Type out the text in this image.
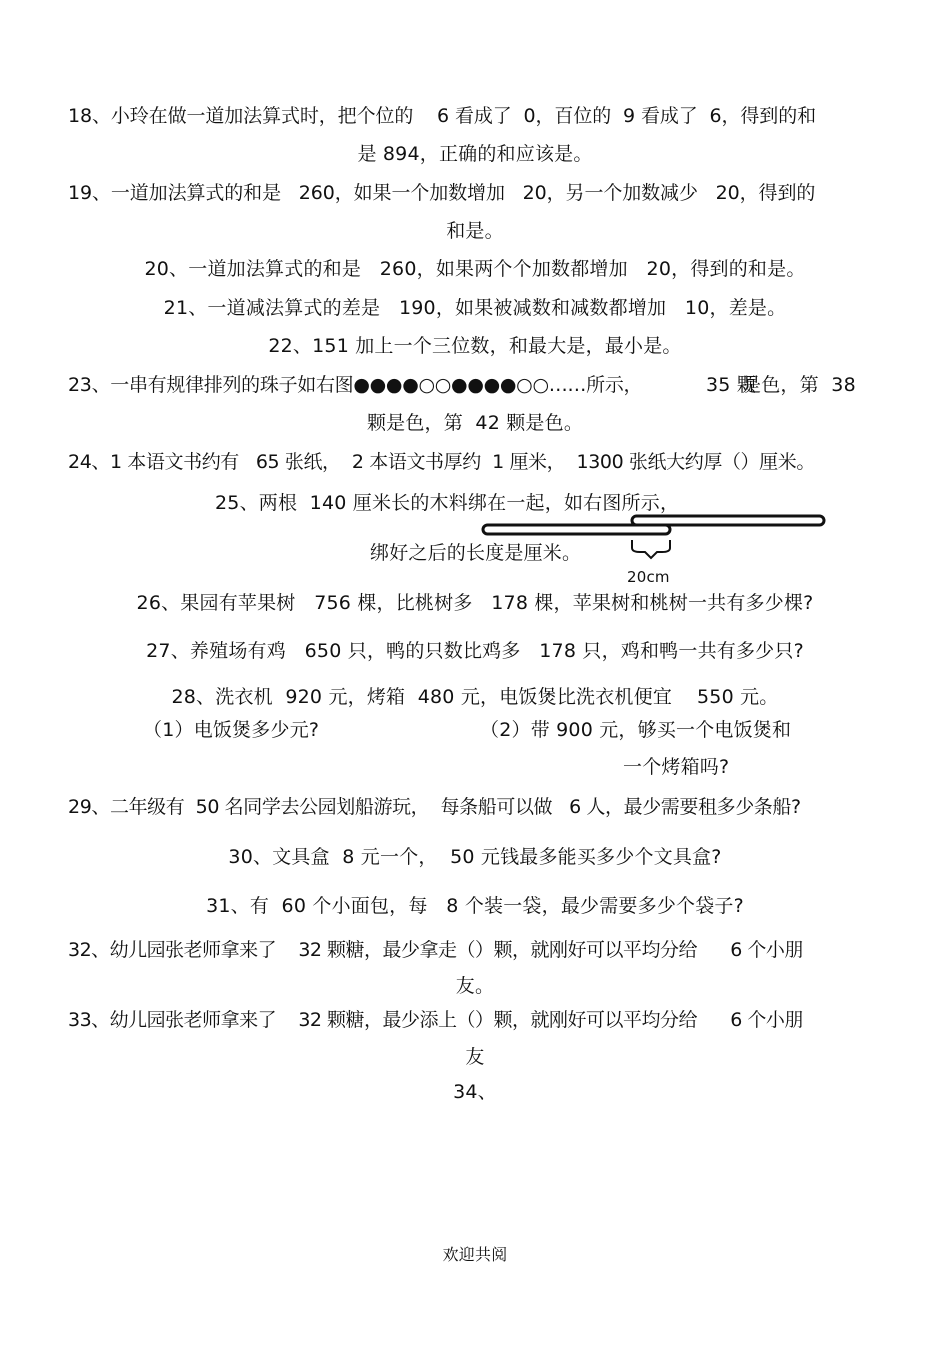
18、小玲在做一道加法算式时，把个位的    6 看成了  0，百位的  9 看成了  6，得到的和
是 894，正确的和应该是。
19、一道加法算式的和是   260，如果一个加数增加   20，另一个加数减少   20，得到的
和是。
20、一道加法算式的和是   260，如果两个个加数都增加   20，得到的和是。
21、一道减法算式的差是   190，如果被减数和减数都增加   10，差是。
22、151 加上一个三位数，和最大是，最小是。
23、一串有规律排列的珠子如右图●●●●○○●●●●○○……所示，	35 颗
是色，第  38
颗是色，第  42 颗是色。
24、1 本语文书约有   65 张纸，  2 本语文书厚约  1 厘米，  1300 张纸大约厚（）厘米。
25、两根  140 厘米长的木料绑在一起，如右图所示，
绑好之后的长度是厘米。
20cm
26、果园有苹果树   756 棵，比桃树多   178 棵，苹果树和桃树一共有多少棵?
27、养殖场有鸡   650 只，鸭的只数比鸡多   178 只，鸡和鸭一共有多少只?
28、洗衣机  920 元，烤箱  480 元，电饭煲比洗衣机便宜    550 元。
（1）电饭煲多少元?	（2）带 900 元，够买一个电饭煲和
一个烤箱吗?
29、二年级有  50 名同学去公园划船游玩，  每条船可以做   6 人，最少需要租多少条船?
30、文具盒  8 元一个，  50 元钱最多能买多少个文具盒?
31、有  60 个小面包，每   8 个装一袋，最少需要多少个袋子?
32、幼儿园张老师拿来了    32 颗糖，最少拿走（）颗，就刚好可以平均分给      6 个小朋
友。
33、幼儿园张老师拿来了    32 颗糖，最少添上（）颗，就刚好可以平均分给      6 个小朋
友
34、
欢迎共阅
